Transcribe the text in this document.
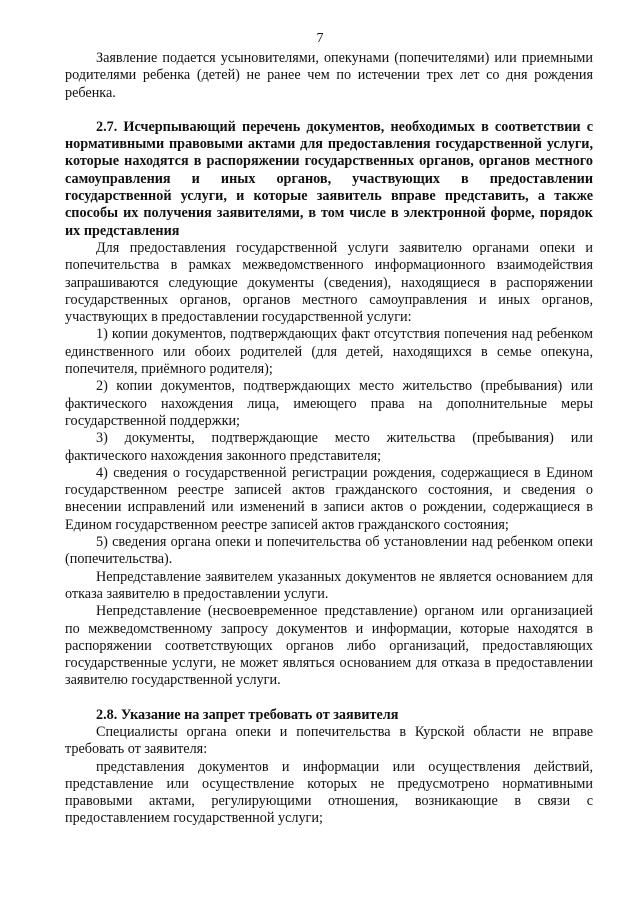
7

Заявление подается усыновителями, опекунами (попечителями) или приемными родителями ребенка (детей) не ранее чем по истечении трех лет со дня рождения ребенка.

2.7. Исчерпывающий перечень документов, необходимых в соответствии с нормативными правовыми актами для предоставления государственной услуги, которые находятся в распоряжении государственных органов, органов местного самоуправления и иных органов, участвующих в предоставлении государственной услуги, и которые заявитель вправе представить, а также способы их получения заявителями, в том числе в электронной форме, порядок их представления

Для предоставления государственной услуги заявителю органами опеки и попечительства в рамках межведомственного информационного взаимодействия запрашиваются следующие документы (сведения), находящиеся в распоряжении государственных органов, органов местного самоуправления и иных органов, участвующих в предоставлении государственной услуги:

1) копии документов, подтверждающих факт отсутствия попечения над ребенком единственного или обоих родителей (для детей, находящихся в семье опекуна, попечителя, приёмного родителя);

2) копии документов, подтверждающих место жительство (пребывания) или фактического нахождения лица, имеющего права на дополнительные меры государственной поддержки;

3) документы, подтверждающие место жительства (пребывания) или фактического нахождения законного представителя;

4) сведения о государственной регистрации рождения, содержащиеся в Едином государственном реестре записей актов гражданского состояния, и сведения о внесении исправлений или изменений в записи актов о рождении, содержащиеся в Едином государственном реестре записей актов гражданского состояния;

5) сведения органа опеки и попечительства об установлении над ребенком опеки (попечительства).

Непредставление заявителем указанных документов не является основанием для отказа заявителю в предоставлении услуги.

Непредставление (несвоевременное представление) органом или организацией по межведомственному запросу документов и информации, которые находятся в распоряжении соответствующих органов либо организаций, предоставляющих государственные услуги, не может являться основанием для отказа в предоставлении заявителю государственной услуги.

2.8. Указание на запрет требовать от заявителя

Специалисты органа опеки и попечительства в Курской области не вправе требовать от заявителя:

представления документов и информации или осуществления действий, представление или осуществление которых не предусмотрено нормативными правовыми актами, регулирующими отношения, возникающие в связи с предоставлением государственной услуги;
